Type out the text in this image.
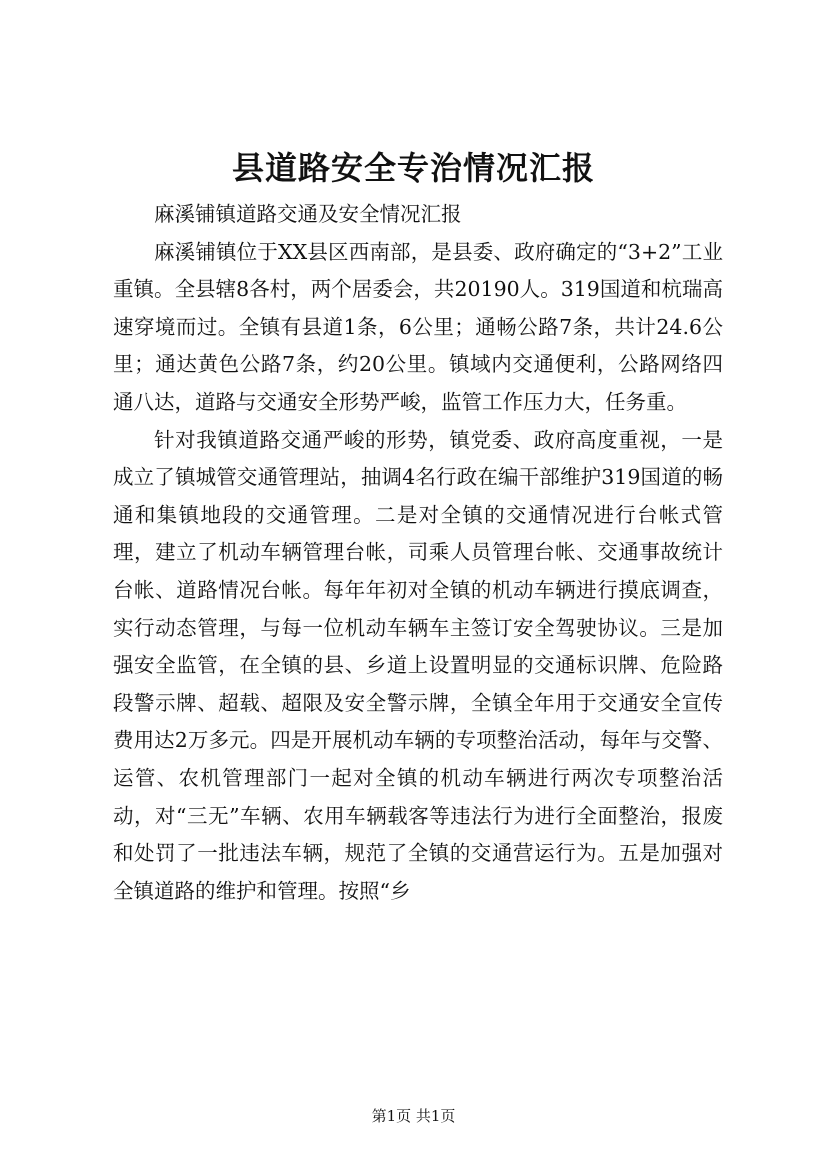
县道路安全专治情况汇报

麻溪铺镇道路交通及安全情况汇报

麻溪铺镇位于XX县区西南部，是县委、政府确定的“3+2”工业重镇。全县辖8各村，两个居委会，共20190人。319国道和杭瑞高速穿境而过。全镇有县道1条，6公里；通畅公路7条，共计24.6公里；通达黄色公路7条，约20公里。镇域内交通便利，公路网络四通八达，道路与交通安全形势严峻，监管工作压力大，任务重。

针对我镇道路交通严峻的形势，镇党委、政府高度重视，一是成立了镇城管交通管理站，抽调4名行政在编干部维护319国道的畅通和集镇地段的交通管理。二是对全镇的交通情况进行台帐式管理，建立了机动车辆管理台帐，司乘人员管理台帐、交通事故统计台帐、道路情况台帐。每年年初对全镇的机动车辆进行摸底调查，实行动态管理，与每一位机动车辆车主签订安全驾驶协议。三是加强安全监管，在全镇的县、乡道上设置明显的交通标识牌、危险路段警示牌、超载、超限及安全警示牌，全镇全年用于交通安全宣传费用达2万多元。四是开展机动车辆的专项整治活动，每年与交警、运管、农机管理部门一起对全镇的机动车辆进行两次专项整治活动，对“三无”车辆、农用车辆载客等违法行为进行全面整治，报废和处罚了一批违法车辆，规范了全镇的交通营运行为。五是加强对全镇道路的维护和管理。按照“乡

第1页 共1页
